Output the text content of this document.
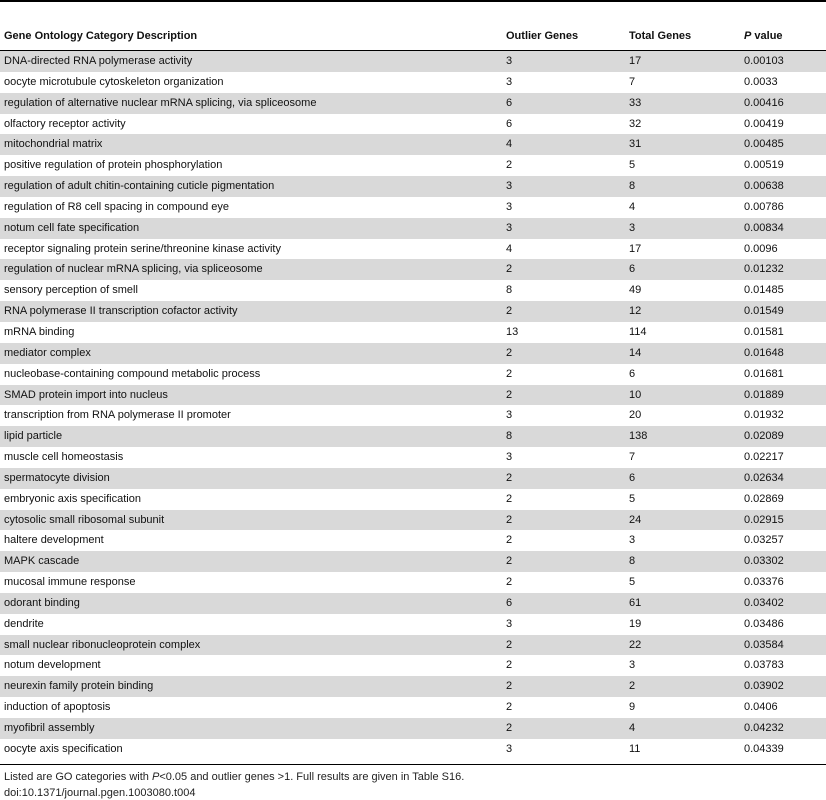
Gene Ontology Category Description	Outlier Genes	Total Genes	P value
DNA-directed RNA polymerase activity	3	17	0.00103
oocyte microtubule cytoskeleton organization	3	7	0.0033
regulation of alternative nuclear mRNA splicing, via spliceosome	6	33	0.00416
olfactory receptor activity	6	32	0.00419
mitochondrial matrix	4	31	0.00485
positive regulation of protein phosphorylation	2	5	0.00519
regulation of adult chitin-containing cuticle pigmentation	3	8	0.00638
regulation of R8 cell spacing in compound eye	3	4	0.00786
notum cell fate specification	3	3	0.00834
receptor signaling protein serine/threonine kinase activity	4	17	0.0096
regulation of nuclear mRNA splicing, via spliceosome	2	6	0.01232
sensory perception of smell	8	49	0.01485
RNA polymerase II transcription cofactor activity	2	12	0.01549
mRNA binding	13	114	0.01581
mediator complex	2	14	0.01648
nucleobase-containing compound metabolic process	2	6	0.01681
SMAD protein import into nucleus	2	10	0.01889
transcription from RNA polymerase II promoter	3	20	0.01932
lipid particle	8	138	0.02089
muscle cell homeostasis	3	7	0.02217
spermatocyte division	2	6	0.02634
embryonic axis specification	2	5	0.02869
cytosolic small ribosomal subunit	2	24	0.02915
haltere development	2	3	0.03257
MAPK cascade	2	8	0.03302
mucosal immune response	2	5	0.03376
odorant binding	6	61	0.03402
dendrite	3	19	0.03486
small nuclear ribonucleoprotein complex	2	22	0.03584
notum development	2	3	0.03783
neurexin family protein binding	2	2	0.03902
induction of apoptosis	2	9	0.0406
myofibril assembly	2	4	0.04232
oocyte axis specification	3	11	0.04339
Listed are GO categories with P<0.05 and outlier genes >1. Full results are given in Table S16.
doi:10.1371/journal.pgen.1003080.t004
